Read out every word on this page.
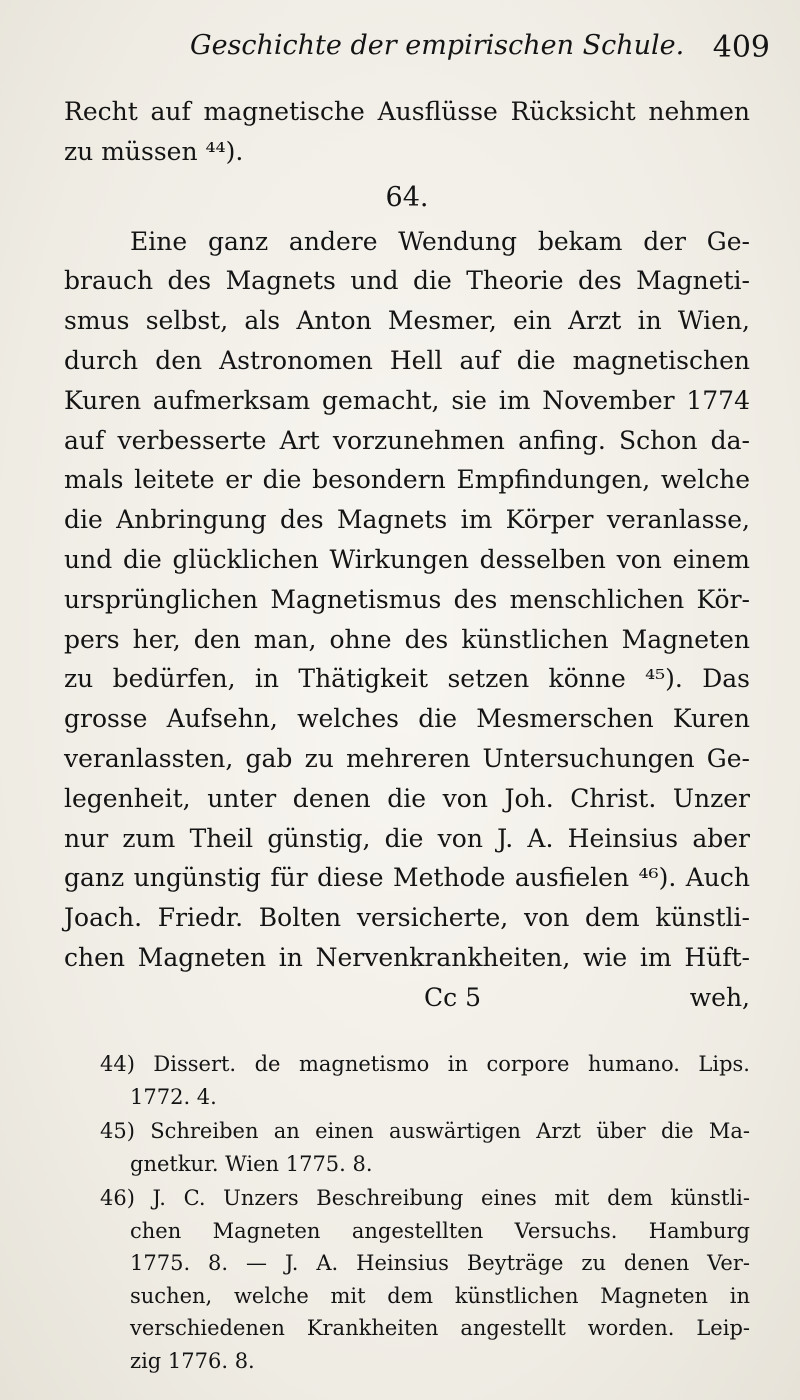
Geschichte der empirischen Schule. 409
Recht auf magnetische Ausflüsse Rücksicht nehmen
zu müssen ⁴⁴).
64.
Eine ganz andere Wendung bekam der Ge-
brauch des Magnets und die Theorie des Magneti-
smus selbst, als Anton Mesmer, ein Arzt in Wien,
durch den Astronomen Hell auf die magnetischen
Kuren aufmerksam gemacht, sie im November 1774
auf verbesserte Art vorzunehmen anfing. Schon da-
mals leitete er die besondern Empfindungen, welche
die Anbringung des Magnets im Körper veranlasse,
und die glücklichen Wirkungen desselben von einem
ursprünglichen Magnetismus des menschlichen Kör-
pers her, den man, ohne des künstlichen Magneten
zu bedürfen, in Thätigkeit setzen könne ⁴⁵). Das
grosse Aufsehn, welches die Mesmerschen Kuren
veranlassten, gab zu mehreren Untersuchungen Ge-
legenheit, unter denen die von Joh. Christ. Unzer
nur zum Theil günstig, die von J. A. Heinsius aber
ganz ungünstig für diese Methode ausfielen ⁴⁶). Auch
Joach. Friedr. Bolten versicherte, von dem künstli-
chen Magneten in Nervenkrankheiten, wie im Hüft-
Cc 5	weh,
44) Dissert. de magnetismo in corpore humano. Lips.
1772. 4.
45) Schreiben an einen auswärtigen Arzt über die Ma-
gnetkur. Wien 1775. 8.
46) J. C. Unzers Beschreibung eines mit dem künstli-
chen Magneten angestellten Versuchs. Hamburg
1775. 8. — J. A. Heinsius Beyträge zu denen Ver-
suchen, welche mit dem künstlichen Magneten in
verschiedenen Krankheiten angestellt worden. Leip-
zig 1776. 8.
